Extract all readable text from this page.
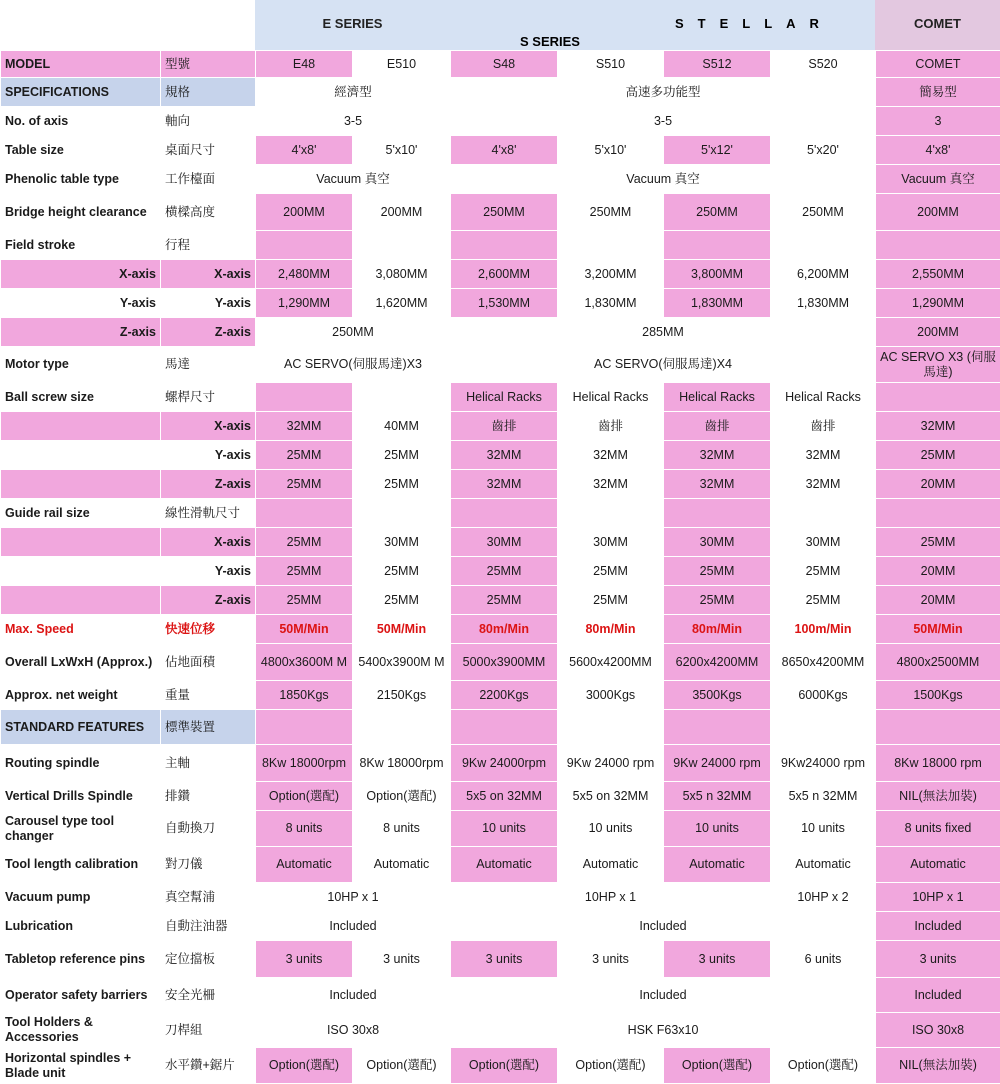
E SERIES	STELLAR
S SERIES
COMET
MODEL	型號	E48	E510	S48	S510	S512	S520	COMET
SPECIFICATIONS	規格	經濟型		高速多功能型				簡易型
No. of axis	軸向	3-5		3-5				3
Table size	桌面尺寸	4'x8'	5'x10'	4'x8'	5'x10'	5'x12'	5'x20'	4'x8'
Phenolic table type	工作檯面	Vacuum 真空		Vacuum 真空				Vacuum 真空
Bridge height clearance	横樑高度	200MM	200MM	250MM	250MM	250MM	250MM	200MM
Field stroke	行程							
X-axis	X-axis	2,480MM	3,080MM	2,600MM	3,200MM	3,800MM	6,200MM	2,550MM
Y-axis	Y-axis	1,290MM	1,620MM	1,530MM	1,830MM	1,830MM	1,830MM	1,290MM
Z-axis	Z-axis	250MM		285MM				200MM
Motor type	馬達	AC SERVO(伺服馬達)X3		AC SERVO(伺服馬達)X4				AC SERVO X3 (伺服馬達)
Ball screw size	螺桿尺寸			Helical Racks	Helical Racks	Helical Racks	Helical Racks	
	X-axis	32MM	40MM	齒排	齒排	齒排	齒排	32MM
	Y-axis	25MM	25MM	32MM	32MM	32MM	32MM	25MM
	Z-axis	25MM	25MM	32MM	32MM	32MM	32MM	20MM
Guide rail size	線性滑軌尺寸							
	X-axis	25MM	30MM	30MM	30MM	30MM	30MM	25MM
	Y-axis	25MM	25MM	25MM	25MM	25MM	25MM	20MM
	Z-axis	25MM	25MM	25MM	25MM	25MM	25MM	20MM
Max. Speed	快速位移	50M/Min	50M/Min	80m/Min	80m/Min	80m/Min	100m/Min	50M/Min
Overall LxWxH (Approx.)	佔地面積	4800x3600M M	5400x3900M M	5000x3900MM	5600x4200MM	6200x4200MM	8650x4200MM	4800x2500MM
Approx. net weight	重量	1850Kgs	2150Kgs	2200Kgs	3000Kgs	3500Kgs	6000Kgs	1500Kgs
STANDARD FEATURES	標準裝置							
Routing spindle	主軸	8Kw 18000rpm	8Kw 18000rpm	9Kw 24000rpm	9Kw 24000 rpm	9Kw 24000 rpm	9Kw24000 rpm	8Kw 18000 rpm
Vertical Drills Spindle	排鑽	Option(選配)	Option(選配)	5x5 on 32MM	5x5 on 32MM	5x5 n 32MM	5x5 n 32MM	NIL(無法加裝)
Carousel type tool changer	自動換刀	8 units	8 units	10 units	10 units	10 units	10 units	8 units fixed
Tool length calibration	對刀儀	Automatic	Automatic	Automatic	Automatic	Automatic	Automatic	Automatic
Vacuum pump	真空幫浦	10HP x 1		10HP x 1			10HP x 2	10HP x 1
Lubrication	自動注油器	Included		Included				Included
Tabletop reference pins	定位擋板	3 units	3 units	3 units	3 units	3 units	6 units	3 units
Operator safety barriers	安全光柵	Included		Included				Included
Tool Holders & Accessories	刀桿組	ISO 30x8		HSK F63x10				ISO 30x8
Horizontal spindles + Blade unit	水平鑽+鋸片	Option(選配)	Option(選配)	Option(選配)	Option(選配)	Option(選配)	Option(選配)	NIL(無法加裝)
